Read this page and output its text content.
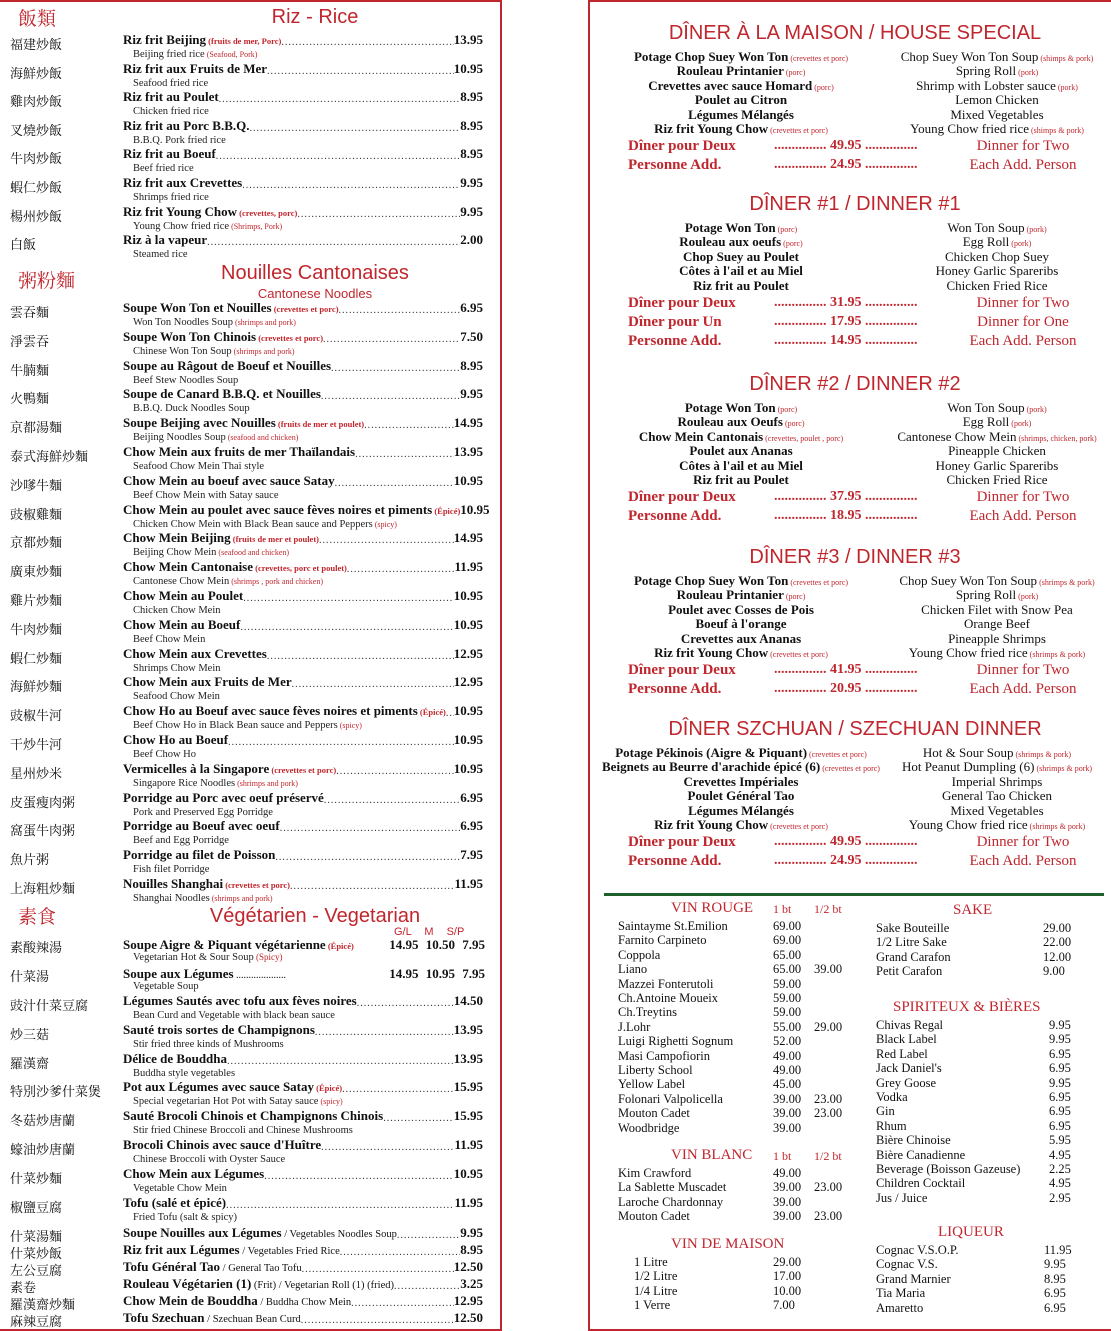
飯類	Riz - Rice
粥粉麵	Nouilles Cantonaises
Cantonese Noodles
素食	Végétarien - Vegetarian
G/L M S/P
福建炒飯	Riz frit Beijing (fruits de mer, Porc) .....	13.95
Beijing fried rice (Seafood, Pork)
海鮮炒飯	Riz frit aux Fruits de Mer .....	10.95
Seafood fried rice
雞肉炒飯	Riz frit au Poulet .....	8.95
Chicken fried rice
叉燒炒飯	Riz frit au Porc B.B.Q. .....	8.95
B.B.Q. Pork fried rice
牛肉炒飯	Riz frit au Boeuf .....	8.95
Beef fried rice
蝦仁炒飯	Riz frit aux Crevettes .....	9.95
Shrimps fried rice
楊州炒飯	Riz frit Young Chow (crevettes, porc) .....	9.95
Young Chow fried rice (Shrimps, Pork)
白飯	Riz à la vapeur .....	2.00
Steamed rice
雲吞麵	Soupe Won Ton et Nouilles (crevettes et porc) .....	6.95
Won Ton Noodles Soup (shrimps and pork)
淨雲吞	Soupe Won Ton Chinois (crevettes et porc) .....	7.50
Chinese Won Ton Soup (shrimps and pork)
牛腩麵	Soupe au Râgout de Boeuf et Nouilles .....	8.95
Beef Stew Noodles Soup
火鴨麵	Soupe de Canard B.B.Q. et Nouilles .....	9.95
B.B.Q. Duck Noodles Soup
京都湯麵	Soupe Beijing avec Nouilles (fruits de mer et poulet) .....	14.95
Beijing Noodles Soup (seafood and chicken)
泰式海鮮炒麵	Chow Mein aux fruits de mer Thaïlandais .....	13.95
Seafood Chow Mein Thai style
沙嗲牛麵	Chow Mein au boeuf avec sauce Satay .....	10.95
Beef Chow Mein with Satay sauce
豉椒雞麵	Chow Mein au poulet avec sauce fèves noires et piments (Épicé) 10.95
Chicken Chow Mein with Black Bean sauce and Peppers (spicy)
京都炒麵	Chow Mein Beijing (fruits de mer et poulet) .....	14.95
Beijing Chow Mein (seafood and chicken)
廣東炒麵	Chow Mein Cantonaise (crevettes, porc et poulet) .....	11.95
Cantonese Chow Mein (shrimps , pork and chicken)
雞片炒麵	Chow Mein au Poulet .....	10.95
Chicken Chow Mein
牛肉炒麵	Chow Mein au Boeuf .....	10.95
Beef Chow Mein
蝦仁炒麵	Chow Mein aux Crevettes .....	12.95
Shrimps Chow Mein
海鮮炒麵	Chow Mein aux Fruits de Mer .....	12.95
Seafood Chow Mein
豉椒牛河	Chow Ho au Boeuf avec sauce fèves noires et piments (Épicé) ..... 10.95
Beef Chow Ho in Black Bean sauce and Peppers (spicy)
干炒牛河	Chow Ho au Boeuf .....	10.95
Beef Chow Ho
星州炒米	Vermicelles à la Singapore (crevettes et porc) .....	10.95
Singapore Rice Noodles (shrimps and pork)
皮蛋瘦肉粥	Porridge au Porc avec oeuf préservé .....	6.95
Pork and Preserved Egg Porridge
窩蛋牛肉粥	Porridge au Boeuf avec oeuf .....	6.95
Beef and Egg Porridge
魚片粥	Porridge au filet de Poisson .....	7.95
Fish filet Porridge
上海粗炒麵	Nouilles Shanghai (crevettes et porc) .....	11.95
Shanghai Noodles (shrimps and pork)
素酸辣湯	Soupe Aigre & Piquant végétarienne (Épicé)	14.95 10.50 7.95
Vegetarian Hot & Sour Soup (Spicy)
什菜湯	Soupe aux Légumes ....................	14.95 10.95 7.95
Vegetable Soup
豉汁什菜豆腐	Légumes Sautés avec tofu aux fèves noires .....	14.50
Bean Curd and Vegetable with black bean sauce
炒三菇	Sauté trois sortes de Champignons .....	13.95
Stir fried three kinds of Mushrooms
羅漢齋	Délice de Bouddha .....	13.95
Buddha style vegetables
特別沙爹什菜煲 Pot aux Légumes avec sauce Satay (Épicé) .....	15.95
Special vegetarian Hot Pot with Satay sauce (spicy)
冬菇炒唐蘭	Sauté Brocoli Chinois et Champignons Chinois .....	15.95
Stir fried Chinese Broccoli and Chinese Mushrooms
蠔油炒唐蘭	Brocoli Chinois avec sauce d'Huître .....	11.95
Chinese Broccoli with Oyster Sauce
什菜炒麵	Chow Mein aux Légumes .....	10.95
Vegetable Chow Mein
椒鹽豆腐	Tofu (salé et épicé) .....	11.95
Fried Tofu (salt & spicy)
什菜湯麵	Soupe Nouilles aux Légumes / Vegetables Noodles Soup .....	9.95
什菜炒飯	Riz frit aux Légumes / Vegetables Fried Rice .....	8.95
左公豆腐	Tofu Général Tao / General Tao Tofu .....	12.50
素卷	Rouleau Végétarien (1) (Frit) / Vegetarian Roll (1) (fried) .....	3.25
羅漢齋炒麵	Chow Mein de Bouddha / Buddha Chow Mein .....	12.95
麻辣豆腐	Tofu Szechuan / Szechuan Bean Curd .....	12.50
DÎNER À LA MAISON / HOUSE SPECIAL
Potage Chop Suey Won Ton (crevettes et porc)	Chop Suey Won Ton Soup (shimps & pork)
Rouleau Printanier (porc)	Spring Roll (pork)
Crevettes avec sauce Homard (porc)	Shrimp with Lobster sauce (pork)
Poulet au Citron	Lemon Chicken
Légumes Mélangés	Mixed Vegetables
Riz frit Young Chow (crevettes et porc)	Young Chow fried rice (shimps & pork)
Dîner pour Deux	............... 49.95 ...............	Dinner for Two
Personne Add.	............... 24.95 ...............	Each Add. Person
DÎNER #1 / DINNER #1
Potage Won Ton (porc)	Won Ton Soup (pork)
Rouleau aux oeufs (porc)	Egg Roll (pork)
Chop Suey au Poulet	Chicken Chop Suey
Côtes à l'ail et au Miel	Honey Garlic Spareribs
Riz frit au Poulet	Chicken Fried Rice
Dîner pour Deux	............... 31.95 ...............	Dinner for Two
Dîner pour Un	............... 17.95 ...............	Dinner for One
Personne Add.	............... 14.95 ...............	Each Add. Person
DÎNER #2 / DINNER #2
Potage Won Ton (porc)	Won Ton Soup (pork)
Rouleau aux Oeufs (porc)	Egg Roll (pork)
Chow Mein Cantonais (crevettes, poulet , porc)	Cantonese Chow Mein (shrimps, chicken, pork)
Poulet aux Ananas	Pineapple Chicken
Côtes à l'ail et au Miel	Honey Garlic Spareribs
Riz frit au Poulet	Chicken Fried Rice
Dîner pour Deux	............... 37.95 ...............	Dinner for Two
Personne Add.	............... 18.95 ...............	Each Add. Person
DÎNER #3 / DINNER #3
Potage Chop Suey Won Ton (crevettes et porc)	Chop Suey Won Ton Soup (shrimps & pork)
Rouleau Printanier (porc)	Spring Roll (pork)
Poulet avec Cosses de Pois	Chicken Filet with Snow Pea
Boeuf à l'orange	Orange Beef
Crevettes aux Ananas	Pineapple Shrimps
Riz frit Young Chow (crevettes et porc)	Young Chow fried rice (shrimps & pork)
Dîner pour Deux	............... 41.95 ...............	Dinner for Two
Personne Add.	............... 20.95 ...............	Each Add. Person
DÎNER SZCHUAN / SZECHUAN DINNER
Potage Pékinois (Aigre & Piquant) (crevettes et porc)	Hot & Sour Soup (shrimps & pork)
Beignets au Beurre d'arachide épicé (6) (crevettes et porc)	Hot Peanut Dumpling (6) (shrimps & pork)
Crevettes Impériales	Imperial Shrimps
Poulet Général Tao	General Tao Chicken
Légumes Mélangés	Mixed Vegetables
Riz frit Young Chow (crevettes et porc)	Young Chow fried rice (shrimps & pork)
Dîner pour Deux	............... 49.95 ...............	Dinner for Two
Personne Add.	............... 24.95 ...............	Each Add. Person
VIN ROUGE 1 bt 1/2 bt
Saintayme St.Emilion	69.00
Farnito Carpineto	69.00
Coppola	65.00
Liano	65.00 39.00
Mazzei Fonterutoli	59.00
Ch.Antoine Moueix	59.00
Ch.Treytins	59.00
J.Lohr	55.00 29.00
Luigi Righetti Sognum	52.00
Masi Campofiorin	49.00
Liberty School	49.00
Yellow Label	45.00
Folonari Valpolicella	39.00 23.00
Mouton Cadet	39.00 23.00
Woodbridge	39.00
VIN BLANC 1 bt 1/2 bt
Kim Crawford	49.00
La Sablette Muscadet	39.00 23.00
Laroche Chardonnay	39.00
Mouton Cadet	39.00 23.00
VIN DE MAISON
1 Litre	29.00
1/2 Litre	17.00
1/4 Litre	10.00
1 Verre	7.00
SAKE
Sake Bouteille	29.00
1/2 Litre Sake	22.00
Grand Carafon	12.00
Petit Carafon	9.00
SPIRITEUX & BIÈRES
Chivas Regal	9.95
Black Label	9.95
Red Label	6.95
Jack Daniel's	6.95
Grey Goose	9.95
Vodka	6.95
Gin	6.95
Rhum	6.95
Bière Chinoise	5.95
Bière Canadienne	4.95
Beverage (Boisson Gazeuse) 2.25
Children Cocktail	4.95
Jus / Juice	2.95
LIQUEUR
Cognac V.S.O.P.	11.95
Cognac V.S.	9.95
Grand Marnier	8.95
Tia Maria	6.95
Amaretto	6.95
